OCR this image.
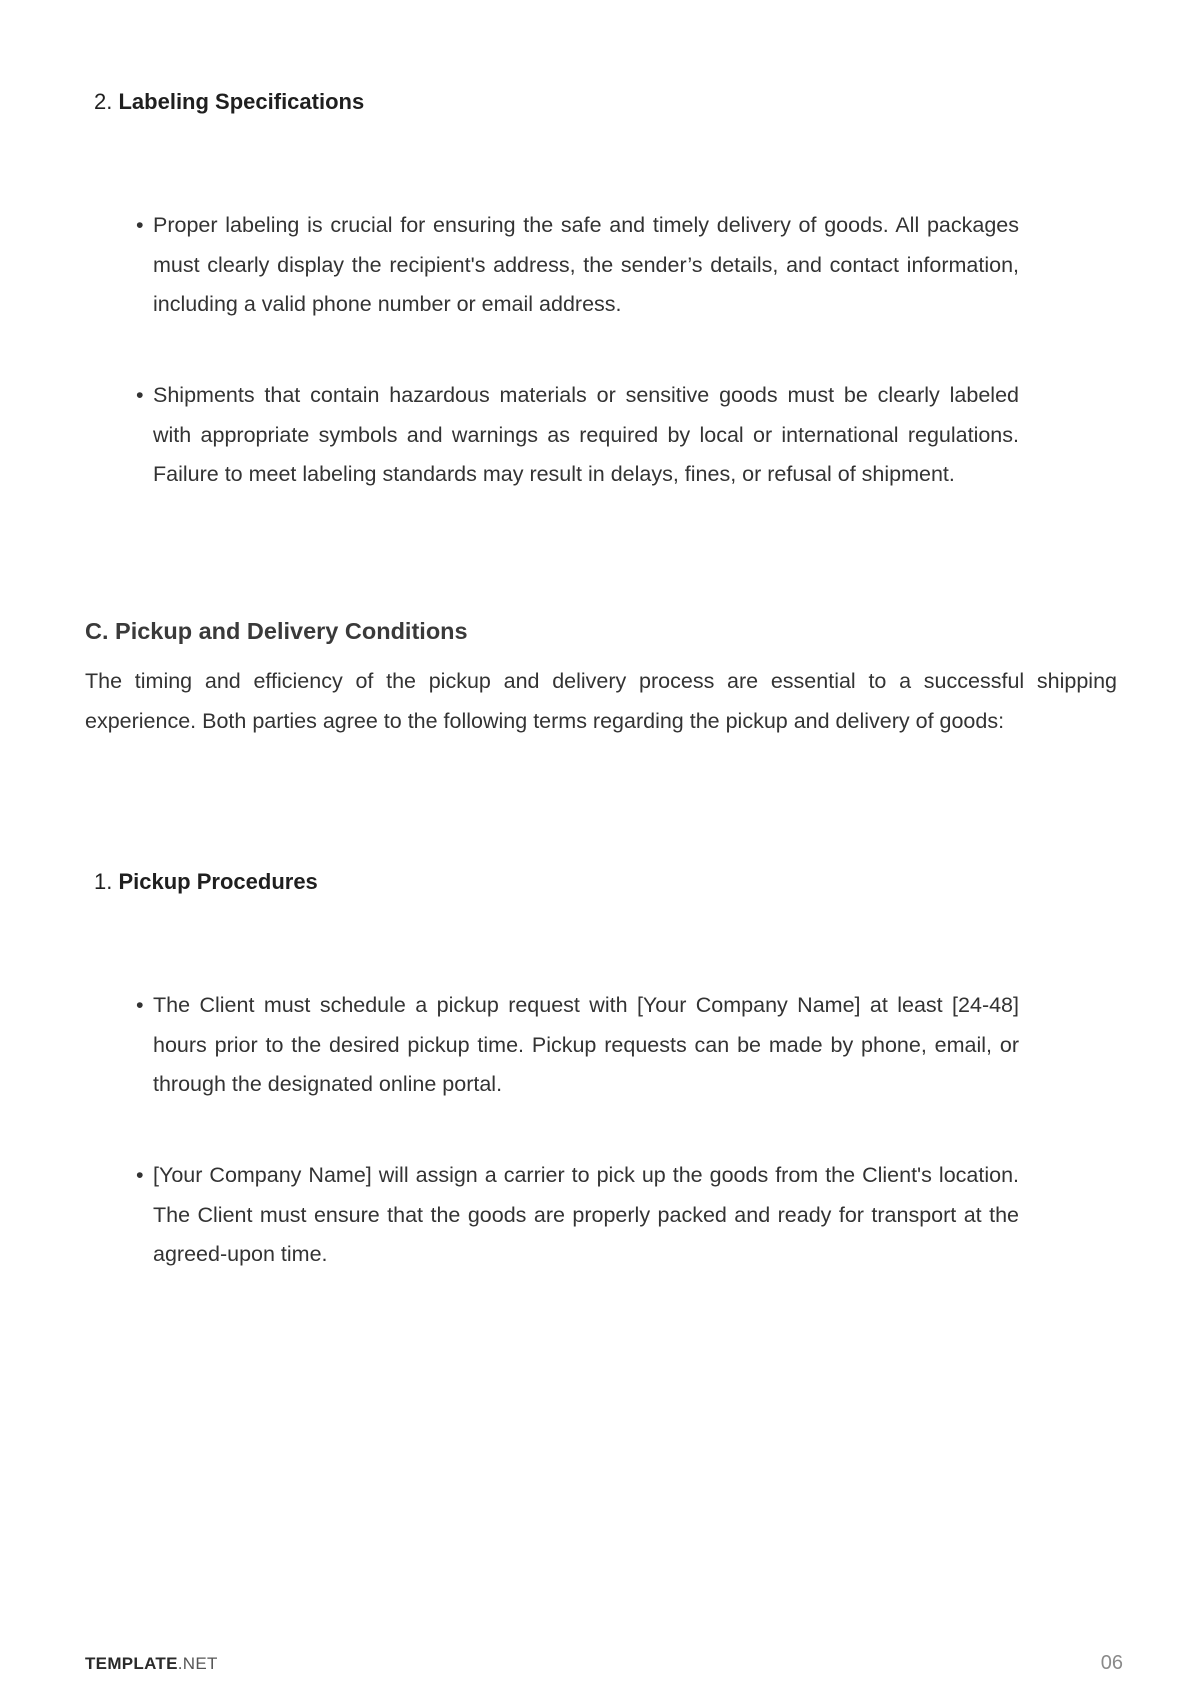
2. Labeling Specifications

• Proper labeling is crucial for ensuring the safe and timely delivery of goods. All packages must clearly display the recipient's address, the sender’s details, and contact information, including a valid phone number or email address.

• Shipments that contain hazardous materials or sensitive goods must be clearly labeled with appropriate symbols and warnings as required by local or international regulations. Failure to meet labeling standards may result in delays, fines, or refusal of shipment.

C. Pickup and Delivery Conditions

The timing and efficiency of the pickup and delivery process are essential to a successful shipping experience. Both parties agree to the following terms regarding the pickup and delivery of goods:

1. Pickup Procedures

• The Client must schedule a pickup request with [Your Company Name] at least [24-48] hours prior to the desired pickup time. Pickup requests can be made by phone, email, or through the designated online portal.

• [Your Company Name] will assign a carrier to pick up the goods from the Client's location. The Client must ensure that the goods are properly packed and ready for transport at the agreed-upon time.

TEMPLATE.NET	06
